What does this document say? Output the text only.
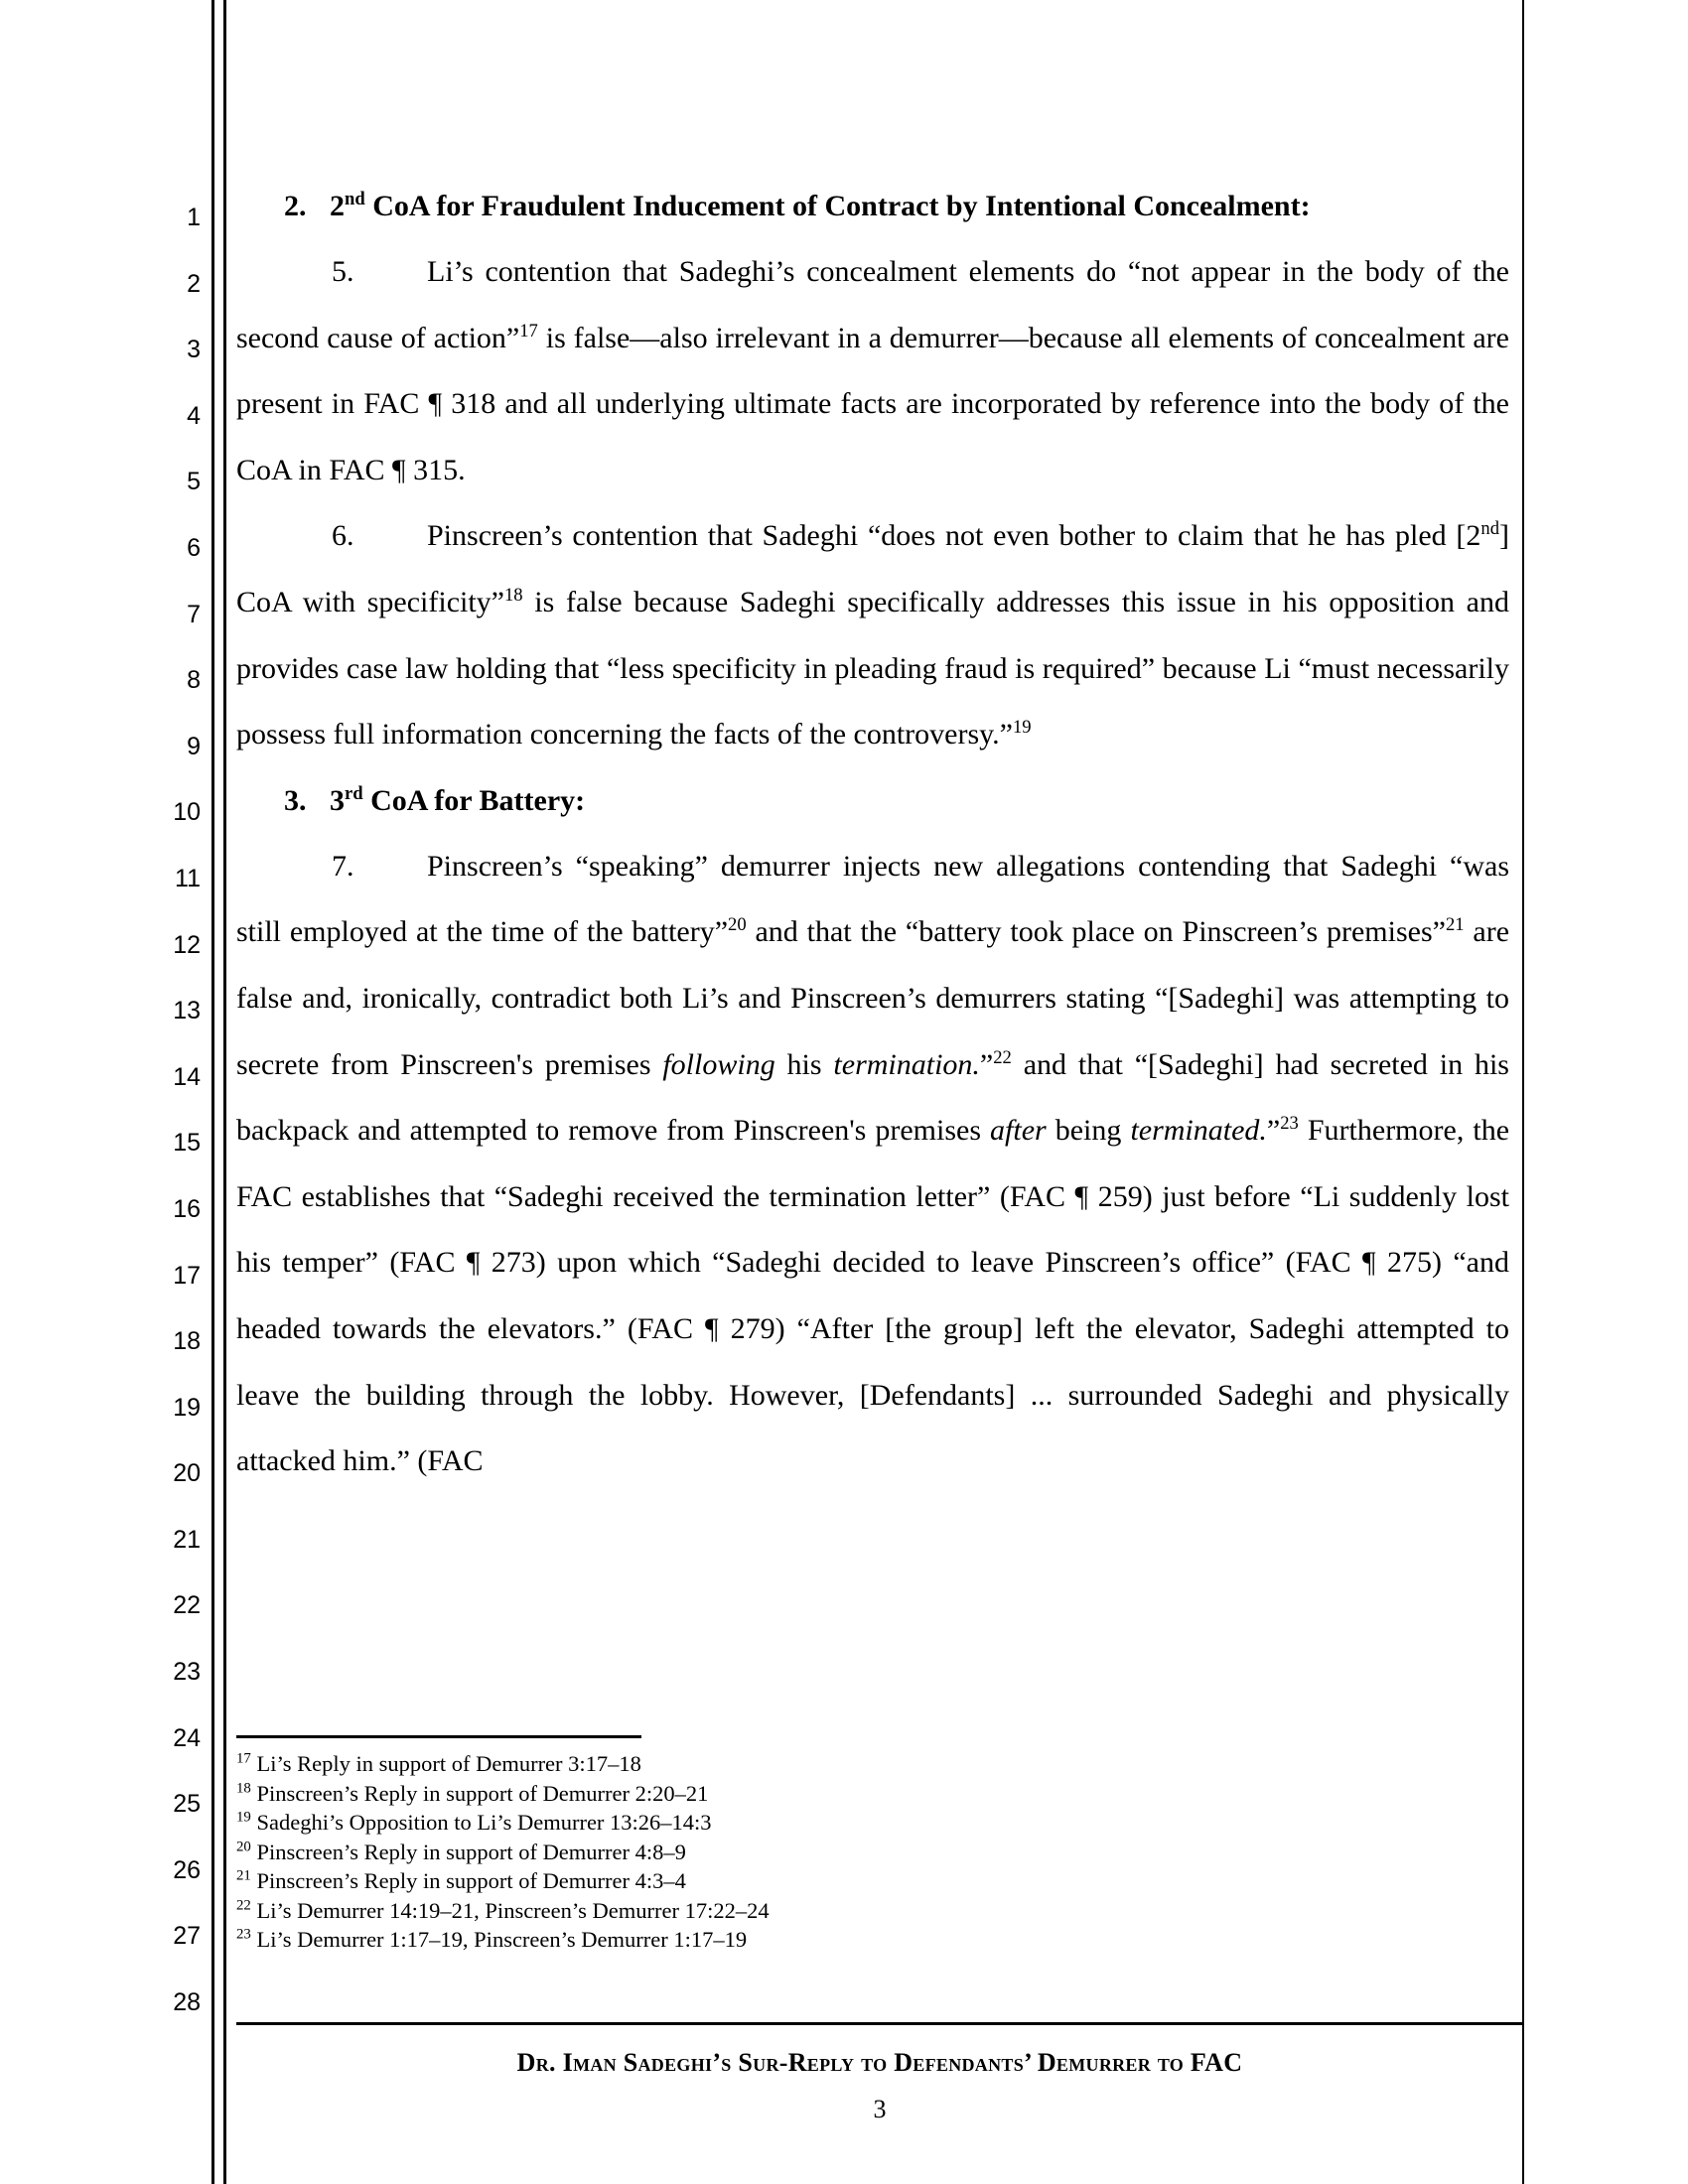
1
2
3
4
5
6
7
8
9
10
11
12
13
14
15
16
17
18
19
20
21
22
23
24
25
26
27
28
2. 2nd CoA for Fraudulent Inducement of Contract by Intentional Concealment:

5. Li’s contention that Sadeghi’s concealment elements do “not appear in the body of the second cause of action”$^{17}$ is false—also irrelevant in a demurrer—because all elements of concealment are present in FAC ¶ 318 and all underlying ultimate facts are incorporated by reference into the body of the CoA in FAC ¶ 315.

6. Pinscreen’s contention that Sadeghi “does not even bother to claim that he has pled [2nd] CoA with specificity”$^{18}$ is false because Sadeghi specifically addresses this issue in his opposition and provides case law holding that “less specificity in pleading fraud is required” because Li “must necessarily possess full information concerning the facts of the controversy.”$^{19}$

3. 3rd CoA for Battery:

7. Pinscreen’s “speaking” demurrer injects new allegations contending that Sadeghi “was still employed at the time of the battery”$^{20}$ and that the “battery took place on Pinscreen’s premises”$^{21}$ are false and, ironically, contradict both Li’s and Pinscreen’s demurrers stating “[Sadeghi] was attempting to secrete from Pinscreen's premises following his termination.”$^{22}$ and that “[Sadeghi] had secreted in his backpack and attempted to remove from Pinscreen's premises after being terminated.”$^{23}$ Furthermore, the FAC establishes that “Sadeghi received the termination letter” (FAC ¶ 259) just before “Li suddenly lost his temper” (FAC ¶ 273) upon which “Sadeghi decided to leave Pinscreen’s office” (FAC ¶ 275) “and headed towards the elevators.” (FAC ¶ 279) “After [the group] left the elevator, Sadeghi attempted to leave the building through the lobby. However, [Defendants] ... surrounded Sadeghi and physically attacked him.” (FAC

$^{17}$ Li’s Reply in support of Demurrer 3:17–18
$^{18}$ Pinscreen’s Reply in support of Demurrer 2:20–21
$^{19}$ Sadeghi’s Opposition to Li’s Demurrer 13:26–14:3
$^{20}$ Pinscreen’s Reply in support of Demurrer 4:8–9
$^{21}$ Pinscreen’s Reply in support of Demurrer 4:3–4
$^{22}$ Li’s Demurrer 14:19–21, Pinscreen’s Demurrer 17:22–24
$^{23}$ Li’s Demurrer 1:17–19, Pinscreen’s Demurrer 1:17–19
Dr. Iman Sadeghi’s Sur-Reply to Defendants’ Demurrer to FAC
3
